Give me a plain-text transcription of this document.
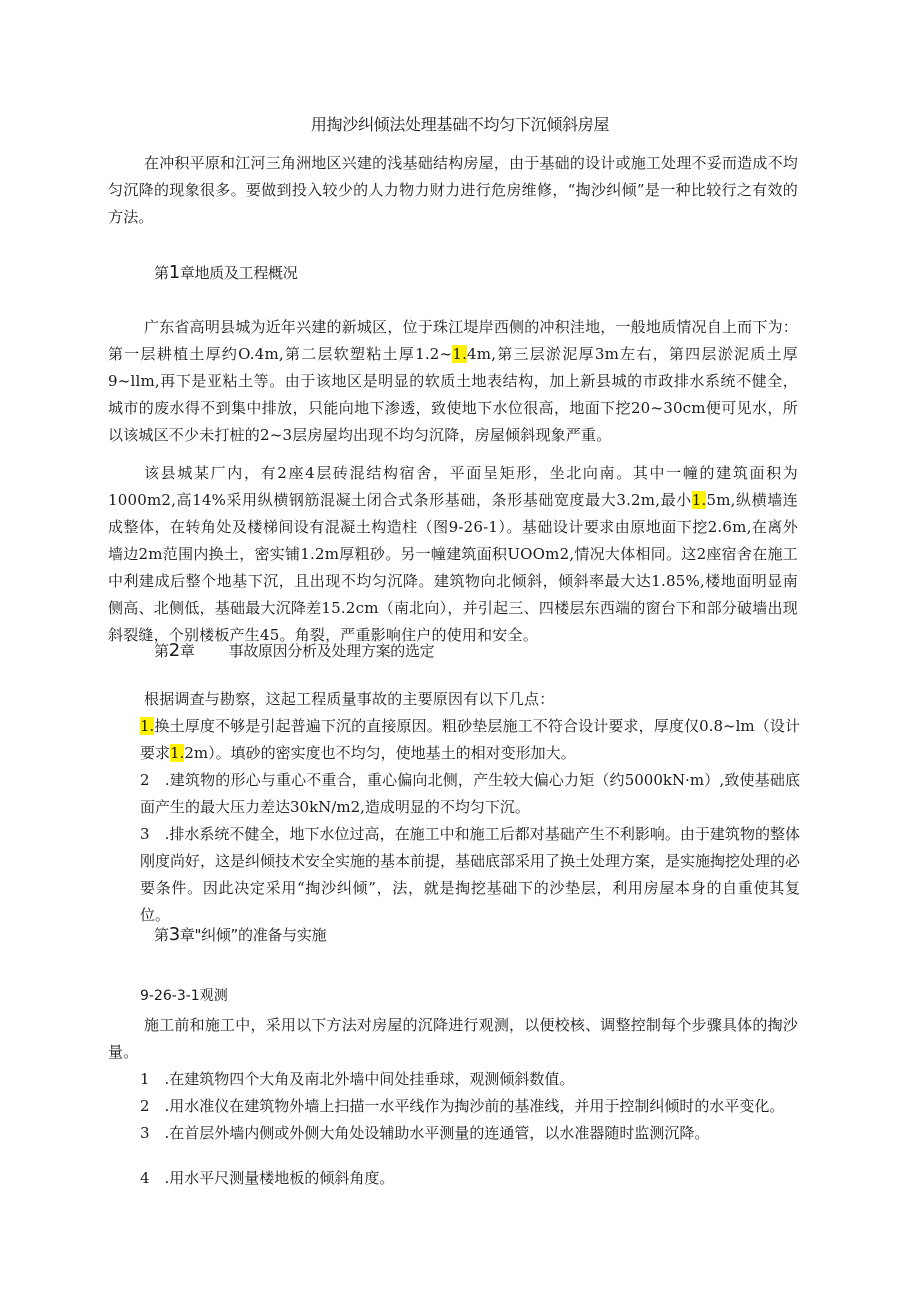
用掏沙纠倾法处理基础不均匀下沉倾斜房屋
在冲积平原和江河三角洲地区兴建的浅基础结构房屋，由于基础的设计或施工处理不妥而造成不均匀沉降的现象很多。要做到投入较少的人力物力财力进行危房维修，“掏沙纠倾”是一种比较行之有效的方法。
第1章地质及工程概况
广东省高明县城为近年兴建的新城区，位于珠江堤岸西侧的冲积洼地，一般地质情况自上而下为：第一层耕植土厚约O.4m,第二层软塑粘土厚1.2~1.4m,第三层淤泥厚3m左右，第四层淤泥质土厚9~llm,再下是亚粘土等。由于该地区是明显的软质土地表结构，加上新县城的市政排水系统不健全，城市的废水得不到集中排放，只能向地下渗透，致使地下水位很高，地面下挖20~30cm便可见水，所以该城区不少未打桩的2~3层房屋均出现不均匀沉降，房屋倾斜现象严重。
该县城某厂内，有2座4层砖混结构宿舍，平面呈矩形，坐北向南。其中一幢的建筑面积为1000m2,高14%采用纵横钢筋混凝土闭合式条形基础，条形基础宽度最大3.2m,最小1.5m,纵横墙连成整体，在转角处及楼梯间设有混凝土构造柱（图9-26-1）。基础设计要求由原地面下挖2.6m,在离外墙边2m范围内换土，密实铺1.2m厚粗砂。另一幢建筑面积UOOm2,情况大体相同。这2座宿舍在施工中利建成后整个地基下沉，且出现不均匀沉降。建筑物向北倾斜，倾斜率最大达1.85%,楼地面明显南侧高、北侧低，基础最大沉降差15.2cm（南北向），并引起三、四楼层东西端的窗台下和部分破墙出现斜裂缝，个别楼板产生45。角裂，严重影响住户的使用和安全。
第2章 事故原因分析及处理方案的选定
根据调查与勘察，这起工程质量事故的主要原因有以下几点：
1.换土厚度不够是引起普遍下沉的直接原因。粗砂垫层施工不符合设计要求，厚度仅0.8~lm（设计要求1.2m）。填砂的密实度也不均匀，使地基土的相对变形加大。
2　.建筑物的形心与重心不重合，重心偏向北侧，产生较大偏心力矩（约5000kN·m）,致使基础底面产生的最大压力差达30kN∕m2,造成明显的不均匀下沉。
3　.排水系统不健全，地下水位过高，在施工中和施工后都对基础产生不利影响。由于建筑物的整体刚度尚好，这是纠倾技术安全实施的基本前提，基础底部采用了换土处理方案，是实施掏挖处理的必要条件。因此决定采用“掏沙纠倾”，法，就是掏挖基础下的沙垫层，利用房屋本身的自重使其复位。
第3章"纠倾”的准备与实施
9-26-3-1观测
施工前和施工中，采用以下方法对房屋的沉降进行观测，以便校核、调整控制每个步骤具体的掏沙量。
1　.在建筑物四个大角及南北外墙中间处挂垂球，观测倾斜数值。
2　.用水准仪在建筑物外墙上扫描一水平线作为掏沙前的基准线，并用于控制纠倾时的水平变化。
3　.在首层外墙内侧或外侧大角处设辅助水平测量的连通管，以水准器随时监测沉降。
4　.用水平尺测量楼地板的倾斜角度。
